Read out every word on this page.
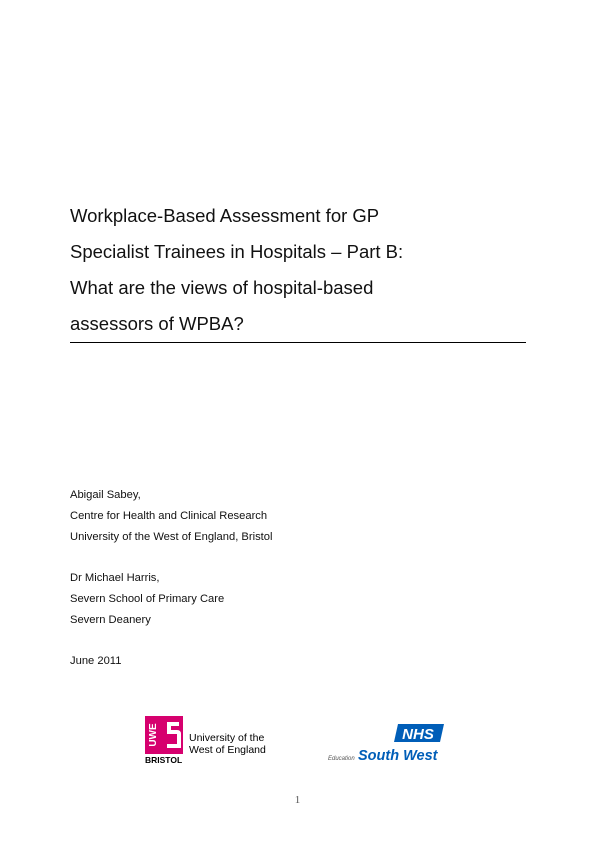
Workplace-Based Assessment for GP
Specialist Trainees in Hospitals – Part B:
What are the views of hospital-based
assessors of WPBA?
Abigail Sabey,
Centre for Health and Clinical Research
University of the West of England, Bristol
Dr Michael Harris,
Severn School of Primary Care
Severn Deanery
June 2011
UWE
BRISTOL
University of the
West of England
NHS
Education South West
1
